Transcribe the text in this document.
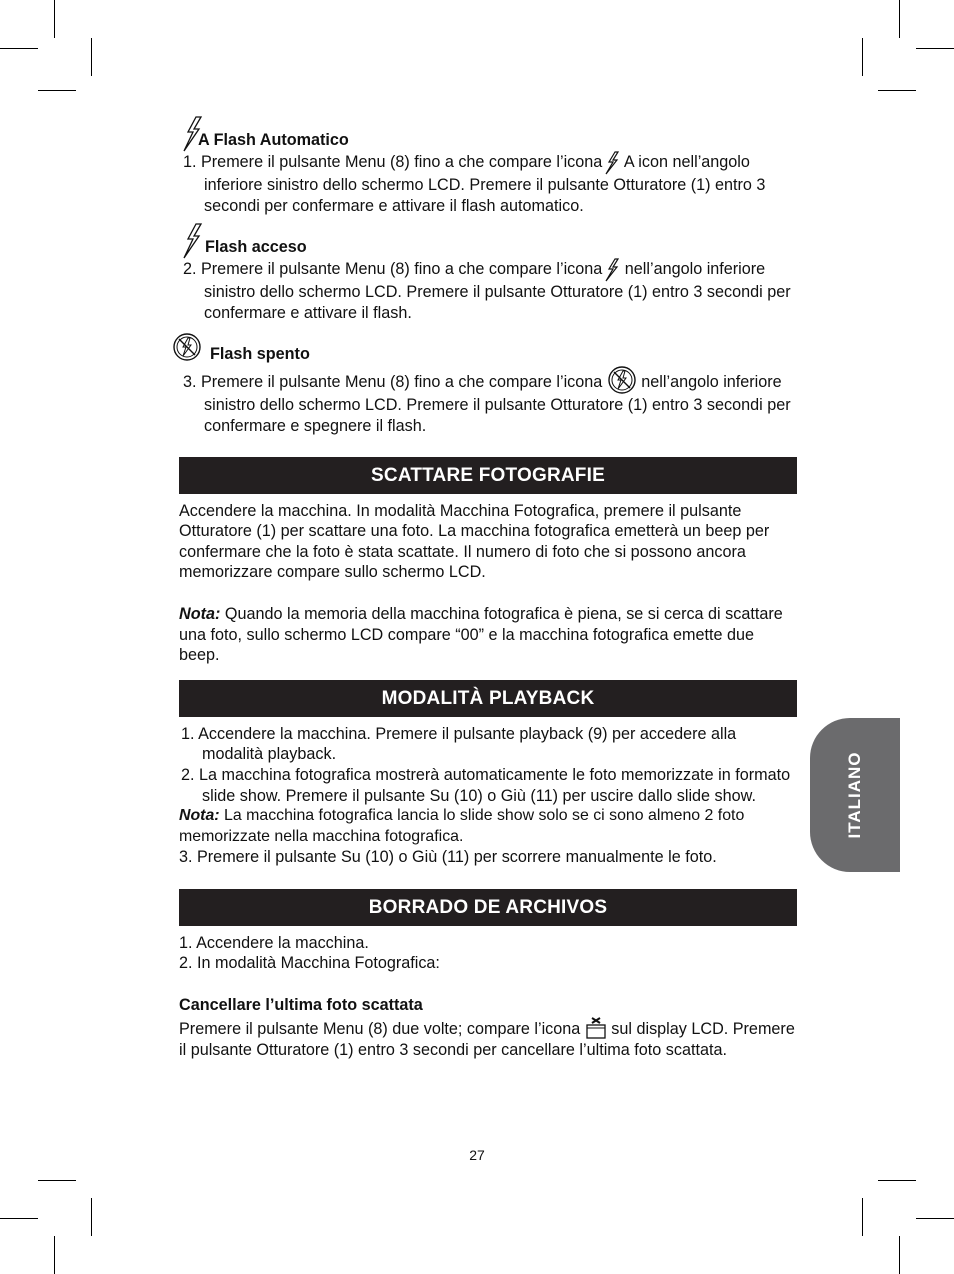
A Flash Automatico
1. Premere il pulsante Menu (8) fino a che compare l’icona A icon nell’angolo inferiore sinistro dello schermo LCD. Premere il pulsante Otturatore (1) entro 3 secondi per confermare e attivare il flash automatico.
Flash acceso
2. Premere il pulsante Menu (8) fino a che compare l’icona nell’angolo inferiore sinistro dello schermo LCD. Premere il pulsante Otturatore (1) entro 3 secondi per confermare e attivare il flash.
Flash spento
3. Premere il pulsante Menu (8) fino a che compare l’icona  nell’angolo inferiore sinistro dello schermo LCD. Premere il pulsante Otturatore (1) entro 3 secondi per confermare e spegnere il flash.
SCATTARE FOTOGRAFIE
Accendere la macchina. In modalità Macchina Fotografica, premere il pulsante Otturatore (1) per scattare una foto. La macchina fotografica emetterà un beep per confermare che la foto è stata scattate. Il numero di foto che si possono ancora memorizzare compare sullo schermo LCD.
Nota: Quando la memoria della macchina fotografica è piena, se si cerca di scattare una foto, sullo schermo LCD compare “00” e la macchina fotografica emette due beep.
MODALITÀ PLAYBACK
1. Accendere la macchina. Premere il pulsante playback (9) per accedere alla modalità playback.
2. La macchina fotografica mostrerà automaticamente le foto memorizzate in formato slide show. Premere il pulsante Su (10) o Giù (11) per uscire dallo slide show.
Nota: La macchina fotografica lancia lo slide show solo se ci sono almeno 2 foto memorizzate nella macchina fotografica.
3. Premere il pulsante Su (10) o Giù (11) per scorrere manualmente le foto.
BORRADO DE ARCHIVOS
1. Accendere la macchina.
2. In modalità Macchina Fotografica:
Cancellare l’ultima foto scattata
Premere il pulsante Menu (8) due volte; compare l’icona  sul display LCD. Premere il pulsante Otturatore (1) entro 3 secondi per cancellare l’ultima foto scattata.
ITALIANO
27
